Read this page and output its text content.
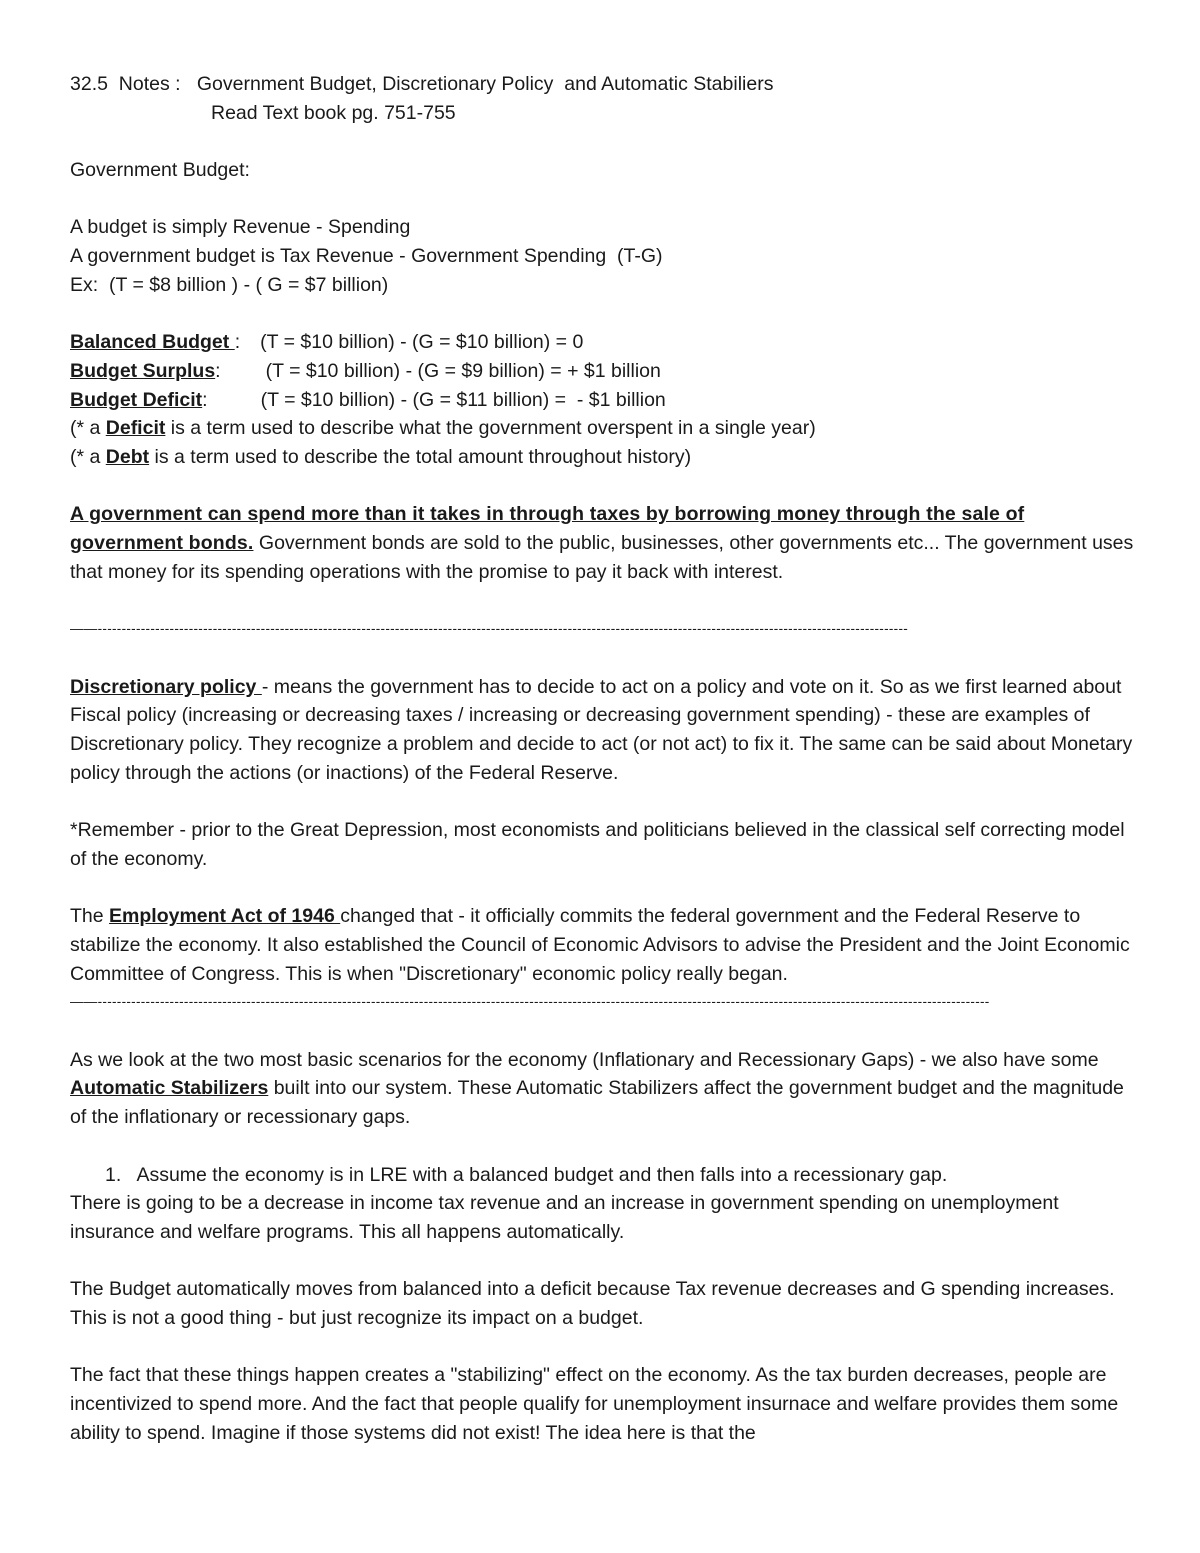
32.5  Notes : Government Budget, Discretionary Policy  and Automatic Stabiliers
Read Text book pg. 751-755
Government Budget:
A budget is simply Revenue - Spending
A government budget is Tax Revenue - Government Spending  (T-G)
Ex:  (T = $8 billion ) - ( G = $7 billion)
Balanced Budget : (T = $10 billion) - (G = $10 billion) = 0
Budget Surplus: (T = $10 billion) - (G = $9 billion) = + $1 billion
Budget Deficit:	(T = $10 billion) - (G = $11 billion) =  - $1 billion
(* a Deficit is a term used to describe what the government overspent in a single year)
(* a Debt is a term used to describe the total amount throughout history)

A government can spend more than it takes in through taxes by borrowing money through the sale of government bonds. Government bonds are sold to the public, businesses, other governments etc... The government uses that money for its spending operations with the promise to pay it back with interest.

——-------------------------------------------------------------------------------------------------------------------------------------------------------------------------

Discretionary policy - means the government has to decide to act on a policy and vote on it. So as we first learned about Fiscal policy (increasing or decreasing taxes / increasing or decreasing government spending) - these are examples of Discretionary policy. They recognize a problem and decide to act (or not act) to fix it. The same can be said about Monetary policy through the actions (or inactions) of the Federal Reserve.

*Remember - prior to the Great Depression, most economists and politicians believed in the classical self correcting model of the economy.

The Employment Act of 1946 changed that - it officially commits the federal government and the Federal Reserve to stabilize the economy. It also established the Council of Economic Advisors to advise the President and the Joint Economic Committee of Congress. This is when "Discretionary" economic policy really began.

——------------------------------------------------------------------------------------------------------------------------------------------------------------------------------------------

As we look at the two most basic scenarios for the economy (Inflationary and Recessionary Gaps) - we also have some Automatic Stabilizers built into our system. These Automatic Stabilizers affect the government budget and the magnitude of the inflationary or recessionary gaps.

1. Assume the economy is in LRE with a balanced budget and then falls into a recessionary gap.

There is going to be a decrease in income tax revenue and an increase in government spending on unemployment insurance and welfare programs. This all happens automatically.

The Budget automatically moves from balanced into a deficit because Tax revenue decreases and G spending increases. This is not a good thing - but just recognize its impact on a budget.

The fact that these things happen creates a "stabilizing" effect on the economy. As the tax burden decreases, people are incentivized to spend more. And the fact that people qualify for unemployment insurnace and welfare provides them some ability to spend. Imagine if those systems did not exist! The idea here is that the
